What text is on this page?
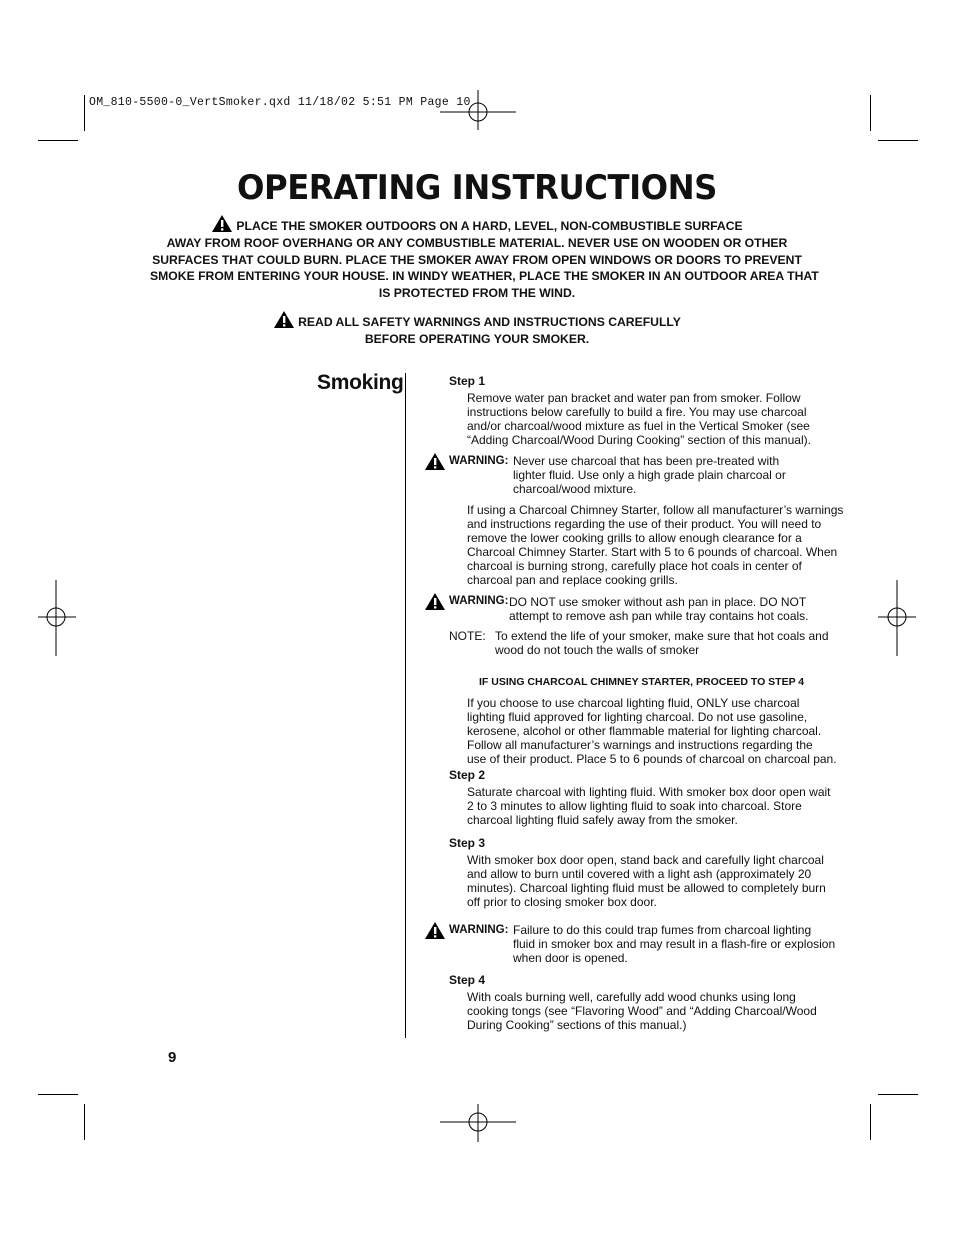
OM_810-5500-0_VertSmoker.qxd 11/18/02 5:51 PM Page 10
OPERATING INSTRUCTIONS
PLACE THE SMOKER OUTDOORS ON A HARD, LEVEL, NON-COMBUSTIBLE SURFACE
AWAY FROM ROOF OVERHANG OR ANY COMBUSTIBLE MATERIAL. NEVER USE ON WOODEN OR OTHER
SURFACES THAT COULD BURN. PLACE THE SMOKER AWAY FROM OPEN WINDOWS OR DOORS TO PREVENT
SMOKE FROM ENTERING YOUR HOUSE. IN WINDY WEATHER, PLACE THE SMOKER IN AN OUTDOOR AREA THAT
IS PROTECTED FROM THE WIND.
READ ALL SAFETY WARNINGS AND INSTRUCTIONS CAREFULLY
BEFORE OPERATING YOUR SMOKER.
Smoking	Step 1
Remove water pan bracket and water pan from smoker. Follow
instructions below carefully to build a fire. You may use charcoal
and/or charcoal/wood mixture as fuel in the Vertical Smoker (see
“Adding Charcoal/Wood During Cooking” section of this manual).
WARNING: Never use charcoal that has been pre-treated with
lighter fluid. Use only a high grade plain charcoal or
charcoal/wood mixture.
If using a Charcoal Chimney Starter, follow all manufacturer’s warnings
and instructions regarding the use of their product. You will need to
remove the lower cooking grills to allow enough clearance for a
Charcoal Chimney Starter. Start with 5 to 6 pounds of charcoal. When
charcoal is burning strong, carefully place hot coals in center of
charcoal pan and replace cooking grills.
WARNING: DO NOT use smoker without ash pan in place. DO NOT
attempt to remove ash pan while tray contains hot coals.
NOTE: To extend the life of your smoker, make sure that hot coals and
wood do not touch the walls of smoker
IF USING CHARCOAL CHIMNEY STARTER, PROCEED TO STEP 4
If you choose to use charcoal lighting fluid, ONLY use charcoal
lighting fluid approved for lighting charcoal. Do not use gasoline,
kerosene, alcohol or other flammable material for lighting charcoal.
Follow all manufacturer’s warnings and instructions regarding the
use of their product. Place 5 to 6 pounds of charcoal on charcoal pan.
Step 2
Saturate charcoal with lighting fluid. With smoker box door open wait
2 to 3 minutes to allow lighting fluid to soak into charcoal. Store
charcoal lighting fluid safely away from the smoker.
Step 3
With smoker box door open, stand back and carefully light charcoal
and allow to burn until covered with a light ash (approximately 20
minutes). Charcoal lighting fluid must be allowed to completely burn
off prior to closing smoker box door.
WARNING: Failure to do this could trap fumes from charcoal lighting
fluid in smoker box and may result in a flash-fire or explosion
when door is opened.
Step 4
With coals burning well, carefully add wood chunks using long
cooking tongs (see “Flavoring Wood” and “Adding Charcoal/Wood
During Cooking” sections of this manual.)
9
